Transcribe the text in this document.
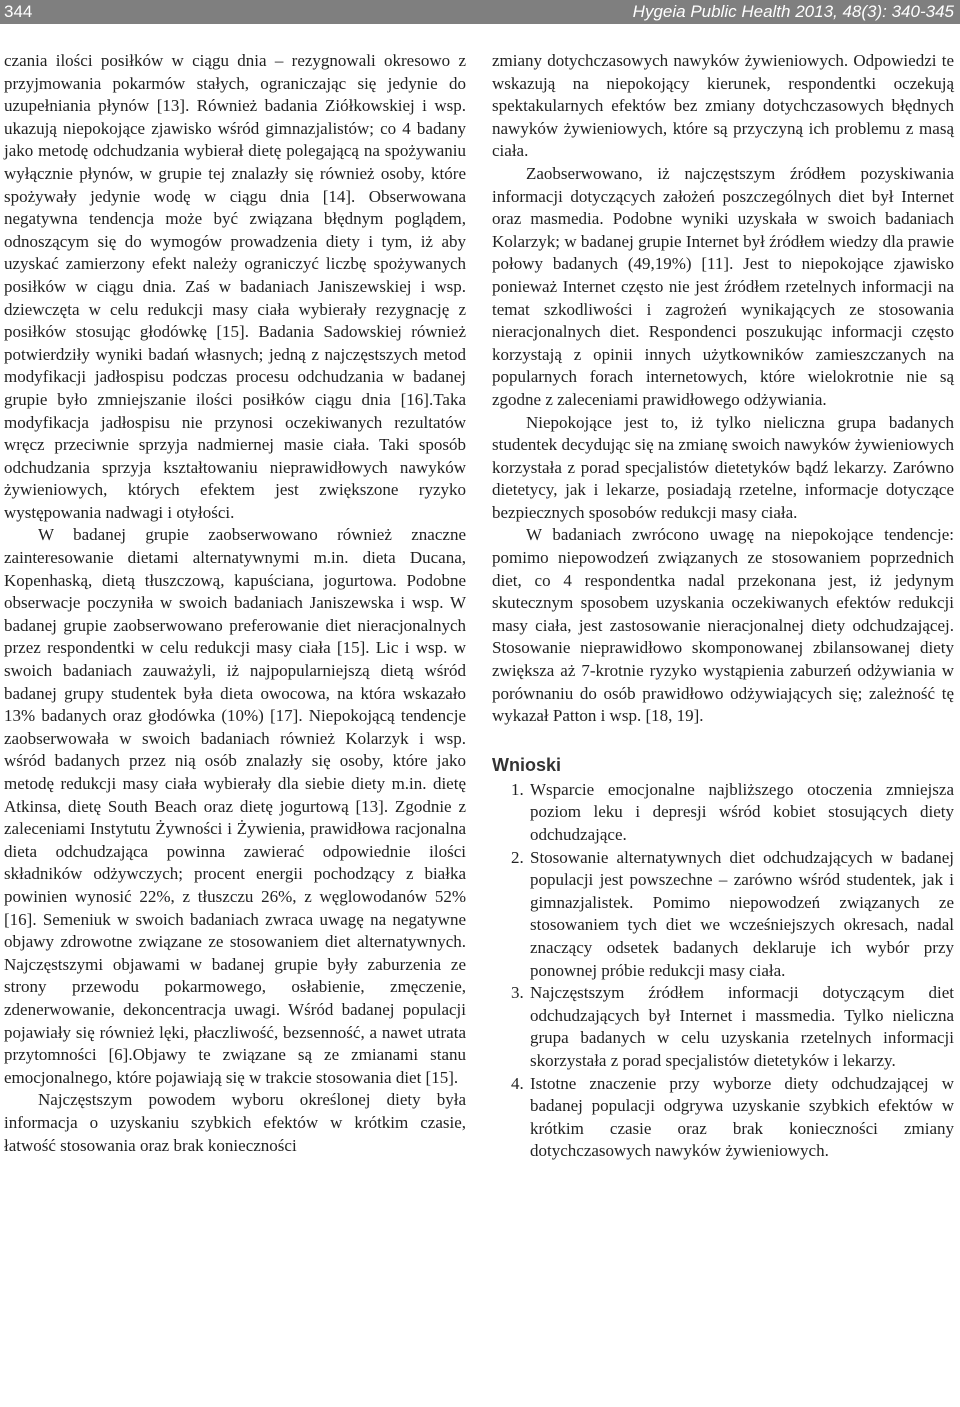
344	Hygeia Public Health 2013, 48(3): 340-345

czania ilości posiłków w ciągu dnia – rezygnowali okresowo z przyjmowania pokarmów stałych, ograniczając się jedynie do uzupełniania płynów [13]. Również badania Ziółkowskiej i wsp. ukazują niepokojące zjawisko wśród gimnazjalistów; co 4 badany jako metodę odchudzania wybierał dietę polegającą na spożywaniu wyłącznie płynów, w grupie tej znalazły się również osoby, które spożywały jedynie wodę w ciągu dnia [14]. Obserwowana negatywna tendencja może być związana błędnym poglądem, odnoszącym się do wymogów prowadzenia diety i tym, iż aby uzyskać zamierzony efekt należy ograniczyć liczbę spożywanych posiłków w ciągu dnia. Zaś w badaniach Janiszewskiej i wsp. dziewczęta w celu redukcji masy ciała wybierały rezygnację z posiłków stosując głodówkę [15]. Badania Sadowskiej również potwierdziły wyniki badań własnych; jedną z najczęstszych metod modyfikacji jadłospisu podczas procesu odchudzania w badanej grupie było zmniejszanie ilości posiłków ciągu dnia [16].Taka modyfikacja jadłospisu nie przynosi oczekiwanych rezultatów wręcz przeciwnie sprzyja nadmiernej masie ciała. Taki sposób odchudzania sprzyja kształtowaniu nieprawidłowych nawyków żywieniowych, których efektem jest zwiększone ryzyko występowania nadwagi i otyłości.

W badanej grupie zaobserwowano również znaczne zainteresowanie dietami alternatywnymi m.in. dieta Ducana, Kopenhaską, dietą tłuszczową, kapuściana, jogurtowa. Podobne obserwacje poczyniła w swoich badaniach Janiszewska i wsp. W badanej grupie zaobserwowano preferowanie diet nieracjonalnych przez respondentki w celu redukcji masy ciała [15]. Lic i wsp. w swoich badaniach zauważyli, iż najpopularniejszą dietą wśród badanej grupy studentek była dieta owocowa, na która wskazało 13% badanych oraz głodówka (10%) [17]. Niepokojącą tendencje zaobserwowała w swoich badaniach również Kolarzyk i wsp. wśród badanych przez nią osób znalazły się osoby, które jako metodę redukcji masy ciała wybierały dla siebie diety m.in. dietę Atkinsa, dietę South Beach oraz dietę jogurtową [13]. Zgodnie z zaleceniami Instytutu Żywności i Żywienia, prawidłowa racjonalna dieta odchudzająca powinna zawierać odpowiednie ilości składników odżywczych; procent energii pochodzący z białka powinien wynosić 22%, z tłuszczu 26%, z węglowodanów 52% [16]. Semeniuk w swoich badaniach zwraca uwagę na negatywne objawy zdrowotne związane ze stosowaniem diet alternatywnych. Najczęstszymi objawami w badanej grupie były zaburzenia ze strony przewodu pokarmowego, osłabienie, zmęczenie, zdenerwowanie, dekoncentracja uwagi. Wśród badanej populacji pojawiały się również lęki, płaczliwość, bezsenność, a nawet utrata przytomności [6].Objawy te związane są ze zmianami stanu emocjonalnego, które pojawiają się w trakcie stosowania diet [15].

Najczęstszym powodem wyboru określonej diety była informacja o uzyskaniu szybkich efektów w krótkim czasie, łatwość stosowania oraz brak konieczności

zmiany dotychczasowych nawyków żywieniowych. Odpowiedzi te wskazują na niepokojący kierunek, respondentki oczekują spektakularnych efektów bez zmiany dotychczasowych błędnych nawyków żywieniowych, które są przyczyną ich problemu z masą ciała.

Zaobserwowano, iż najczęstszym źródłem pozyskiwania informacji dotyczących założeń poszczególnych diet był Internet oraz masmedia. Podobne wyniki uzyskała w swoich badaniach Kolarzyk; w badanej grupie Internet był źródłem wiedzy dla prawie połowy badanych (49,19%) [11]. Jest to niepokojące zjawisko ponieważ Internet często nie jest źródłem rzetelnych informacji na temat szkodliwości i zagrożeń wynikających ze stosowania nieracjonalnych diet. Respondenci poszukując informacji często korzystają z opinii innych użytkowników zamieszczanych na popularnych forach internetowych, które wielokrotnie nie są zgodne z zaleceniami prawidłowego odżywiania.

Niepokojące jest to, iż tylko nieliczna grupa badanych studentek decydując się na zmianę swoich nawyków żywieniowych korzystała z porad specjalistów dietetyków bądź lekarzy. Zarówno dietetycy, jak i lekarze, posiadają rzetelne, informacje dotyczące bezpiecznych sposobów redukcji masy ciała.

W badaniach zwrócono uwagę na niepokojące tendencje: pomimo niepowodzeń związanych ze stosowaniem poprzednich diet, co 4 respondentka nadal przekonana jest, iż jedynym skutecznym sposobem uzyskania oczekiwanych efektów redukcji masy ciała, jest zastosowanie nieracjonalnej diety odchudzającej. Stosowanie nieprawidłowo skomponowanej zbilansowanej diety zwiększa aż 7-krotnie ryzyko wystąpienia zaburzeń odżywiania w porównaniu do osób prawidłowo odżywiających się; zależność tę wykazał Patton i wsp. [18, 19].

Wnioski
1. Wsparcie emocjonalne najbliższego otoczenia zmniejsza poziom leku i depresji wśród kobiet stosujących diety odchudzające.
2. Stosowanie alternatywnych diet odchudzających w badanej populacji jest powszechne – zarówno wśród studentek, jak i gimnazjalistek. Pomimo niepowodzeń związanych ze stosowaniem tych diet we wcześniejszych okresach, nadal znaczący odsetek badanych deklaruje ich wybór przy ponownej próbie redukcji masy ciała.
3. Najczęstszym źródłem informacji dotyczącym diet odchudzających był Internet i massmedia. Tylko nieliczna grupa badanych w celu uzyskania rzetelnych informacji skorzystała z porad specjalistów dietetyków i lekarzy.
4. Istotne znaczenie przy wyborze diety odchudzającej w badanej populacji odgrywa uzyskanie szybkich efektów w krótkim czasie oraz brak konieczności zmiany dotychczasowych nawyków żywieniowych.
